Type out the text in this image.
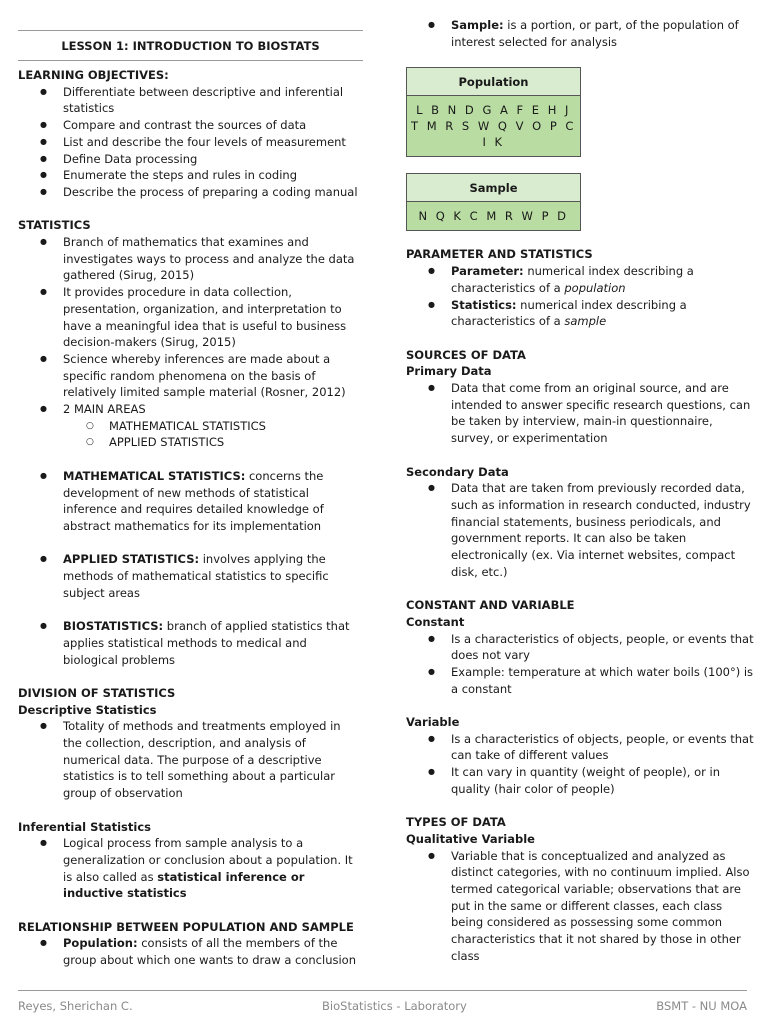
LESSON 1: INTRODUCTION TO BIOSTATS
LEARNING OBJECTIVES:
● Differentiate between descriptive and inferential statistics
● Compare and contrast the sources of data
● List and describe the four levels of measurement
● Define Data processing
● Enumerate the steps and rules in coding
● Describe the process of preparing a coding manual
STATISTICS
● Branch of mathematics that examines and investigates ways to process and analyze the data gathered (Sirug, 2015)
● It provides procedure in data collection, presentation, organization, and interpretation to have a meaningful idea that is useful to business decision-makers (Sirug, 2015)
● Science whereby inferences are made about a specific random phenomena on the basis of relatively limited sample material (Rosner, 2012)
● 2 MAIN AREAS
○ MATHEMATICAL STATISTICS
○ APPLIED STATISTICS
● MATHEMATICAL STATISTICS: concerns the development of new methods of statistical inference and requires detailed knowledge of abstract mathematics for its implementation
● APPLIED STATISTICS: involves applying the methods of mathematical statistics to specific subject areas
● BIOSTATISTICS: branch of applied statistics that applies statistical methods to medical and biological problems
DIVISION OF STATISTICS
Descriptive Statistics
● Totality of methods and treatments employed in the collection, description, and analysis of numerical data. The purpose of a descriptive statistics is to tell something about a particular group of observation
Inferential Statistics
● Logical process from sample analysis to a generalization or conclusion about a population. It is also called as statistical inference or inductive statistics
RELATIONSHIP BETWEEN POPULATION AND SAMPLE
● Population: consists of all the members of the group about which one wants to draw a conclusion
● Sample: is a portion, or part, of the population of interest selected for analysis
Population
L B N D G A F E H J T M R S W Q V O P C I K
Sample
N Q K C M R W P D
PARAMETER AND STATISTICS
● Parameter: numerical index describing a characteristics of a population
● Statistics: numerical index describing a characteristics of a sample
SOURCES OF DATA
Primary Data
● Data that come from an original source, and are intended to answer specific research questions, can be taken by interview, main-in questionnaire, survey, or experimentation
Secondary Data
● Data that are taken from previously recorded data, such as information in research conducted, industry financial statements, business periodicals, and government reports. It can also be taken electronically (ex. Via internet websites, compact disk, etc.)
CONSTANT AND VARIABLE
Constant
● Is a characteristics of objects, people, or events that does not vary
● Example: temperature at which water boils (100°) is a constant
Variable
● Is a characteristics of objects, people, or events that can take of different values
● It can vary in quantity (weight of people), or in quality (hair color of people)
TYPES OF DATA
Qualitative Variable
● Variable that is conceptualized and analyzed as distinct categories, with no continuum implied. Also termed categorical variable; observations that are put in the same or different classes, each class being considered as possessing some common characteristics that it not shared by those in other class
Reyes, Sherichan C.	BioStatistics - Laboratory	BSMT - NU MOA
